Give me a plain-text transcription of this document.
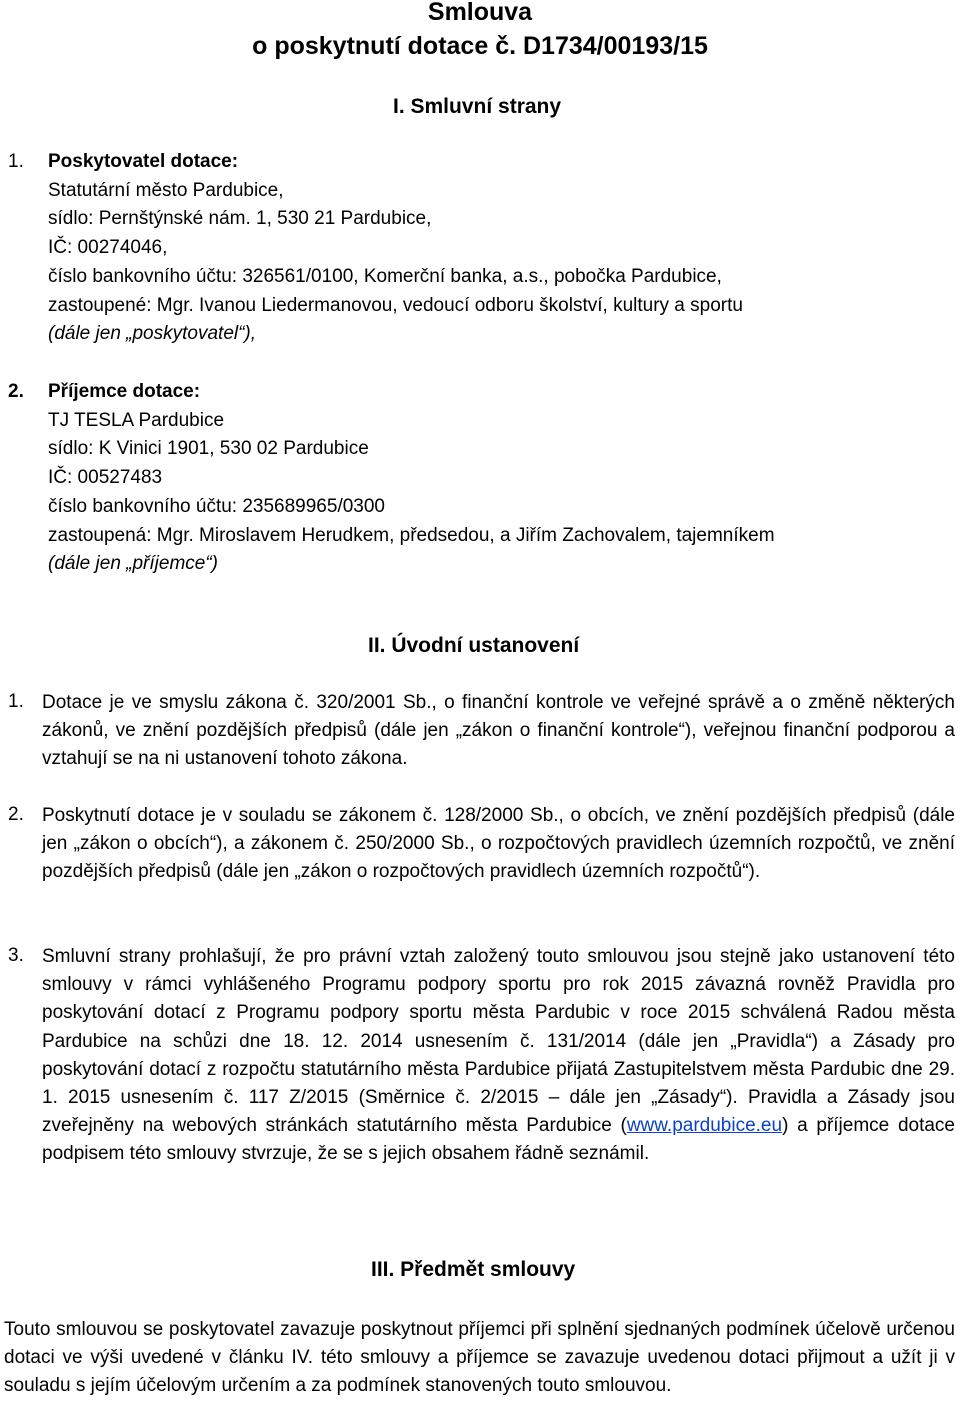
Smlouva
o poskytnutí dotace č. D1734/00193/15
I. Smluvní strany
1. Poskytovatel dotace:
Statutární město Pardubice,
sídlo: Pernštýnské nám. 1, 530 21 Pardubice,
IČ: 00274046,
číslo bankovního účtu: 326561/0100, Komerční banka, a.s., pobočka Pardubice,
zastoupené: Mgr. Ivanou Liedermanovou, vedoucí odboru školství, kultury a sportu
(dále jen „poskytovatel“),
2. Příjemce dotace:
TJ TESLA Pardubice
sídlo: K Vinici 1901, 530 02 Pardubice
IČ: 00527483
číslo bankovního účtu: 235689965/0300
zastoupená: Mgr. Miroslavem Herudkem, předsedou, a Jiřím Zachovalem, tajemníkem
(dále jen „příjemce“)
II. Úvodní ustanovení
1. Dotace je ve smyslu zákona č. 320/2001 Sb., o finanční kontrole ve veřejné správě a o změně některých zákonů, ve znění pozdějších předpisů (dále jen „zákon o finanční kontrole“), veřejnou finanční podporou a vztahují se na ni ustanovení tohoto zákona.
2. Poskytnutí dotace je v souladu se zákonem č. 128/2000 Sb., o obcích, ve znění pozdějších předpisů (dále jen „zákon o obcích“), a zákonem č. 250/2000 Sb., o rozpočtových pravidlech územních rozpočtů, ve znění pozdějších předpisů (dále jen „zákon o rozpočtových pravidlech územních rozpočtů“).
3. Smluvní strany prohlašují, že pro právní vztah založený touto smlouvou jsou stejně jako ustanovení této smlouvy v rámci vyhlášeného Programu podpory sportu pro rok 2015 závazná rovněž Pravidla pro poskytování dotací z Programu podpory sportu města Pardubic v roce 2015 schválená Radou města Pardubice na schůzi dne 18. 12. 2014 usnesením č. 131/2014 (dále jen „Pravidla“) a Zásady pro poskytování dotací z rozpočtu statutárního města Pardubice přijatá Zastupitelstvem města Pardubic dne 29. 1. 2015 usnesením č. 117 Z/2015 (Směrnice č. 2/2015 – dále jen „Zásady“). Pravidla a Zásady jsou zveřejněny na webových stránkách statutárního města Pardubice (www.pardubice.eu) a příjemce dotace podpisem této smlouvy stvrzuje, že se s jejich obsahem řádně seznámil.
III. Předmět smlouvy
Touto smlouvou se poskytovatel zavazuje poskytnout příjemci při splnění sjednaných podmínek účelově určenou dotaci ve výši uvedené v článku IV. této smlouvy a příjemce se zavazuje uvedenou dotaci přijmout a užít ji v souladu s jejím účelovým určením a za podmínek stanovených touto smlouvou.
